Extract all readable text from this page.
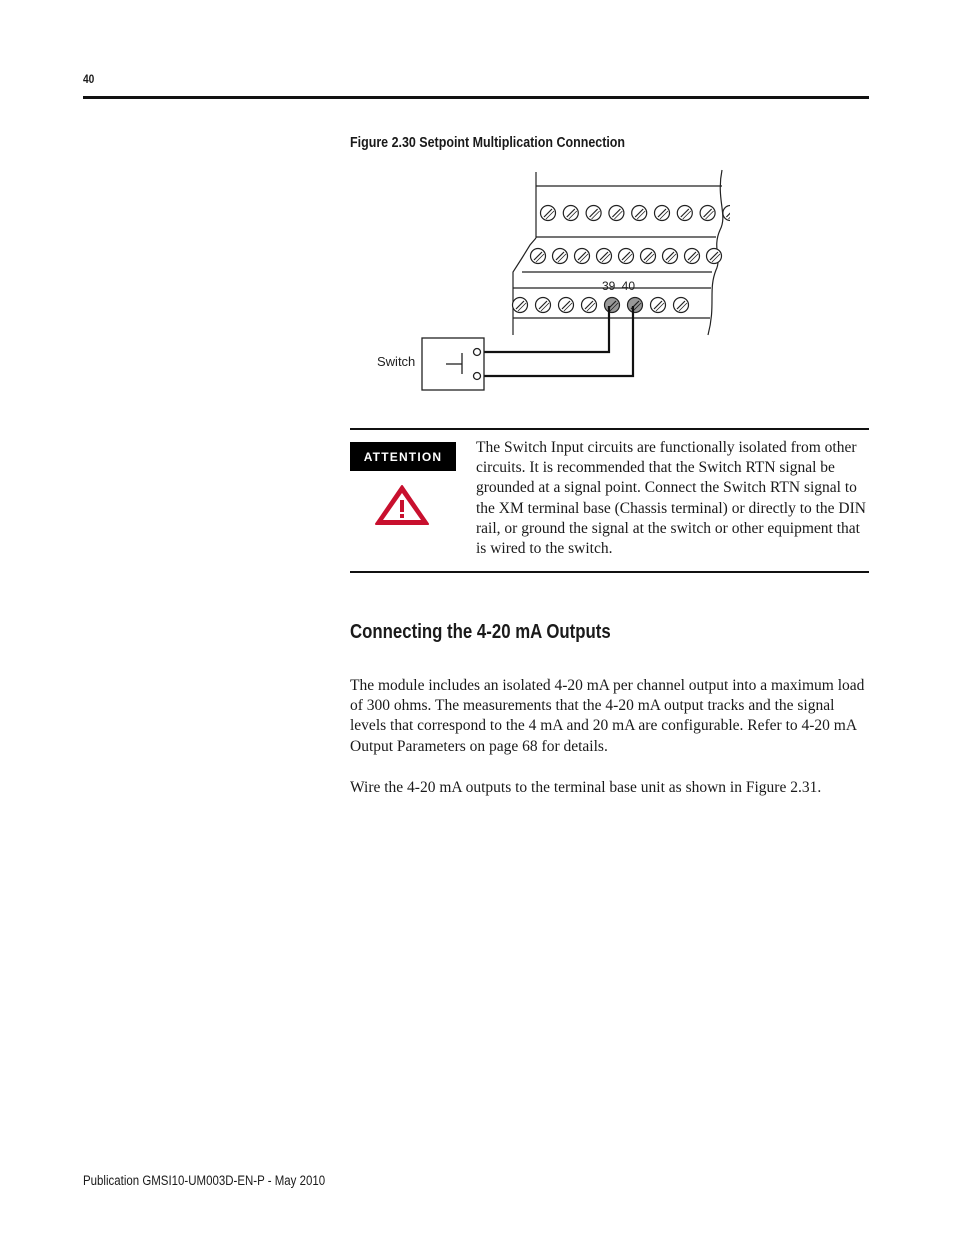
40
Figure 2.30 Setpoint Multiplication Connection
Switch
39 40
ATTENTION
The Switch Input circuits are functionally isolated from other circuits. It is recommended that the Switch RTN signal be grounded at a signal point. Connect the Switch RTN signal to the XM terminal base (Chassis terminal) or directly to the DIN rail, or ground the signal at the switch or other equipment that is wired to the switch.
Connecting the 4-20 mA Outputs

The module includes an isolated 4-20 mA per channel output into a maximum load of 300 ohms. The measurements that the 4-20 mA output tracks and the signal levels that correspond to the 4 mA and 20 mA are configurable. Refer to 4-20 mA Output Parameters on page 68 for details.

Wire the 4-20 mA outputs to the terminal base unit as shown in Figure 2.31.

Publication GMSI10-UM003D-EN-P - May 2010
